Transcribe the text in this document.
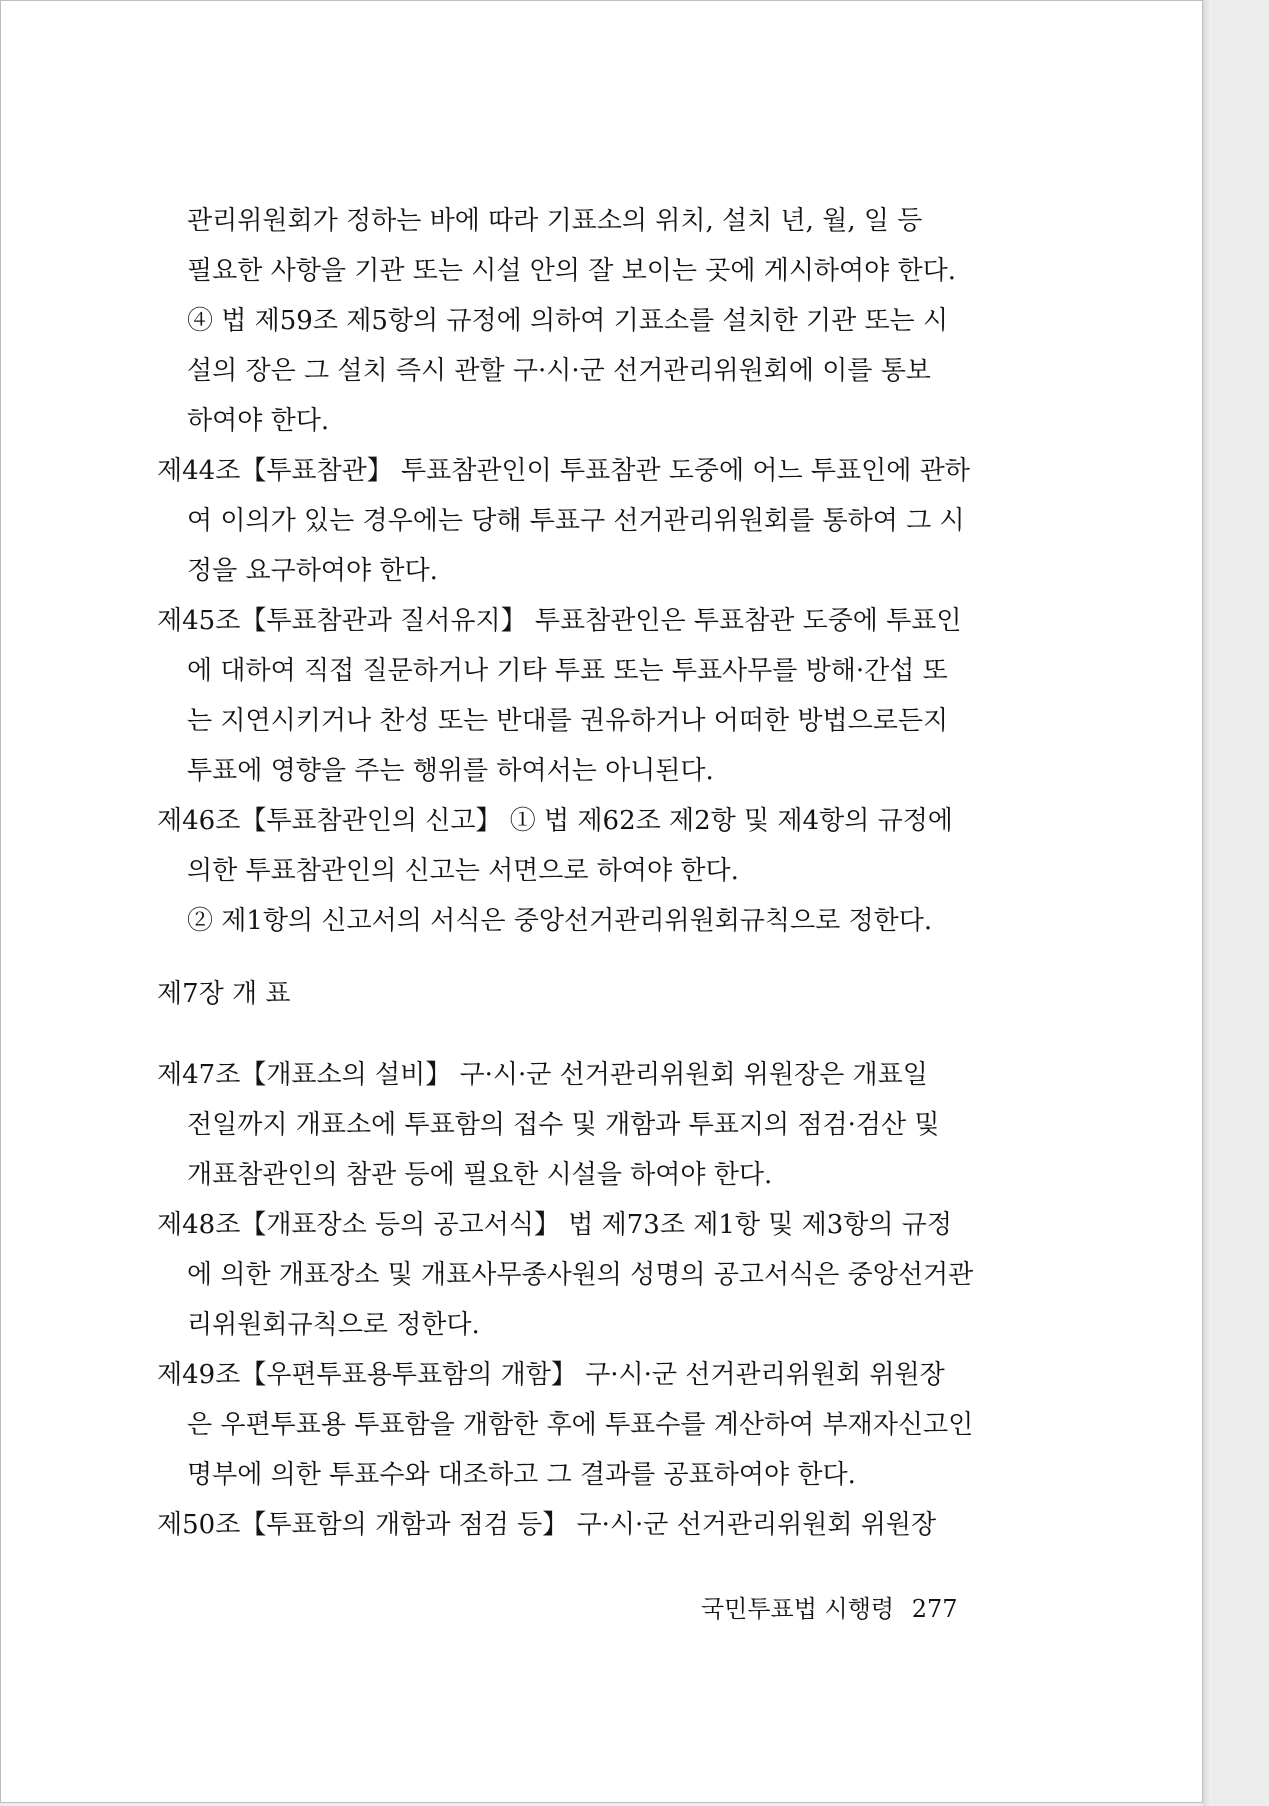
관리위원회가 정하는 바에 따라 기표소의 위치, 설치 년, 월, 일 등
필요한 사항을 기관 또는 시설 안의 잘 보이는 곳에 게시하여야 한다.
④ 법 제59조 제5항의 규정에 의하여 기표소를 설치한 기관 또는 시
설의 장은 그 설치 즉시 관할 구·시·군 선거관리위원회에 이를 통보
하여야 한다.
제44조【투표참관】 투표참관인이 투표참관 도중에 어느 투표인에 관하
여 이의가 있는 경우에는 당해 투표구 선거관리위원회를 통하여 그 시
정을 요구하여야 한다.
제45조【투표참관과 질서유지】 투표참관인은 투표참관 도중에 투표인
에 대하여 직접 질문하거나 기타 투표 또는 투표사무를 방해·간섭 또
는 지연시키거나 찬성 또는 반대를 권유하거나 어떠한 방법으로든지
투표에 영향을 주는 행위를 하여서는 아니된다.
제46조【투표참관인의 신고】 ① 법 제62조 제2항 및 제4항의 규정에
의한 투표참관인의 신고는 서면으로 하여야 한다.
② 제1항의 신고서의 서식은 중앙선거관리위원회규칙으로 정한다.
제7장 개 표
제47조【개표소의 설비】 구·시·군 선거관리위원회 위원장은 개표일
전일까지 개표소에 투표함의 접수 및 개함과 투표지의 점검·검산 및
개표참관인의 참관 등에 필요한 시설을 하여야 한다.
제48조【개표장소 등의 공고서식】 법 제73조 제1항 및 제3항의 규정
에 의한 개표장소 및 개표사무종사원의 성명의 공고서식은 중앙선거관
리위원회규칙으로 정한다.
제49조【우편투표용투표함의 개함】 구·시·군 선거관리위원회 위원장
은 우편투표용 투표함을 개함한 후에 투표수를 계산하여 부재자신고인
명부에 의한 투표수와 대조하고 그 결과를 공표하여야 한다.
제50조【투표함의 개함과 점검 등】 구·시·군 선거관리위원회 위원장
국민투표법 시행령 277
